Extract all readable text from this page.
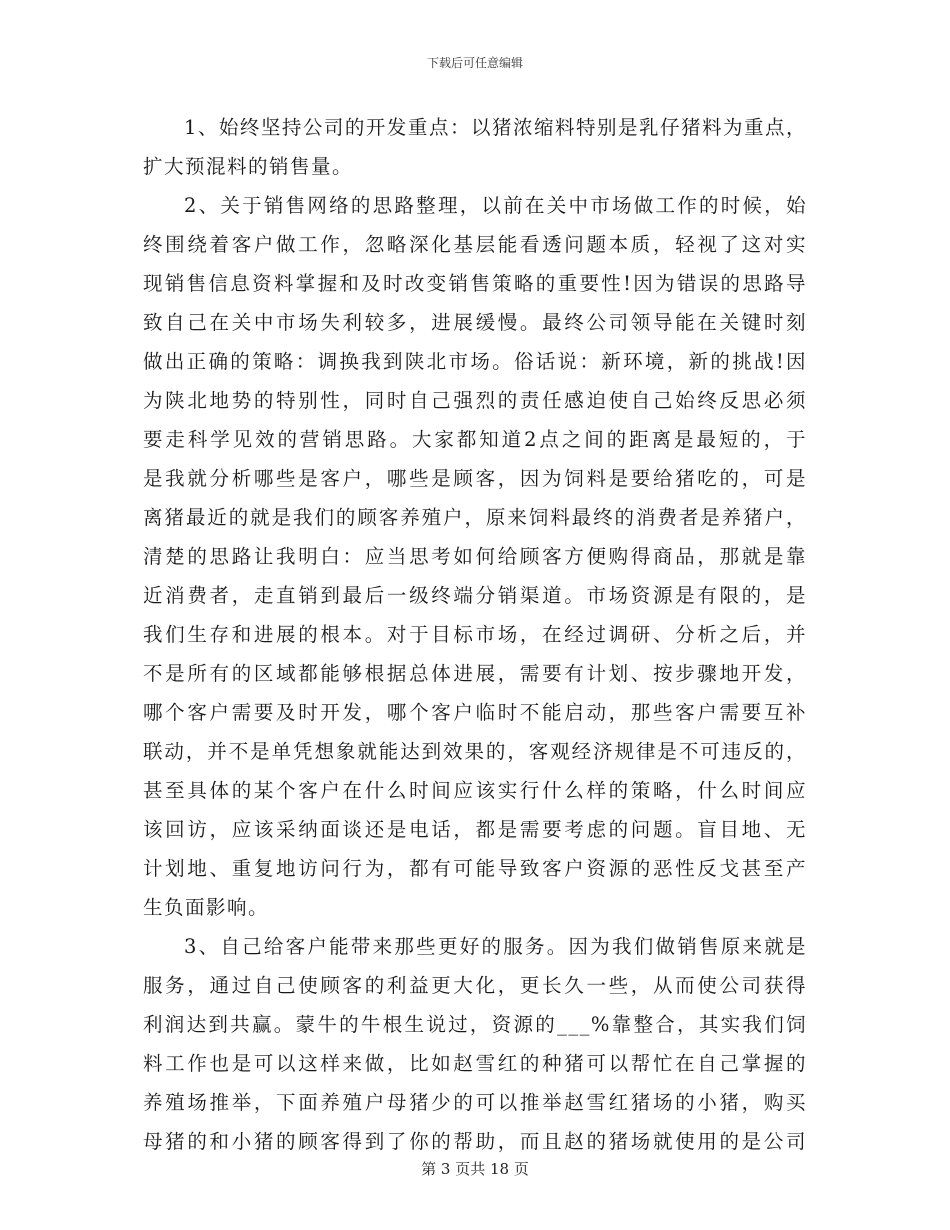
下载后可任意编辑
1、始终坚持公司的开发重点：以猪浓缩料特别是乳仔猪料为重点，
扩大预混料的销售量。
2、关于销售网络的思路整理，以前在关中市场做工作的时候，始
终围绕着客户做工作，忽略深化基层能看透问题本质，轻视了这对实
现销售信息资料掌握和及时改变销售策略的重要性!因为错误的思路导
致自己在关中市场失利较多，进展缓慢。最终公司领导能在关键时刻
做出正确的策略：调换我到陕北市场。俗话说：新环境，新的挑战!因
为陕北地势的特别性，同时自己强烈的责任感迫使自己始终反思必须
要走科学见效的营销思路。大家都知道2点之间的距离是最短的，于
是我就分析哪些是客户，哪些是顾客，因为饲料是要给猪吃的，可是
离猪最近的就是我们的顾客养殖户，原来饲料最终的消费者是养猪户，
清楚的思路让我明白：应当思考如何给顾客方便购得商品，那就是靠
近消费者，走直销到最后一级终端分销渠道。市场资源是有限的，是
我们生存和进展的根本。对于目标市场，在经过调研、分析之后，并
不是所有的区域都能够根据总体进展，需要有计划、按步骤地开发，
哪个客户需要及时开发，哪个客户临时不能启动，那些客户需要互补
联动，并不是单凭想象就能达到效果的，客观经济规律是不可违反的，
甚至具体的某个客户在什么时间应该实行什么样的策略，什么时间应
该回访，应该采纳面谈还是电话，都是需要考虑的问题。盲目地、无
计划地、重复地访问行为，都有可能导致客户资源的恶性反戈甚至产
生负面影响。
3、自己给客户能带来那些更好的服务。因为我们做销售原来就是
服务，通过自己使顾客的利益更大化，更长久一些，从而使公司获得
利润达到共赢。蒙牛的牛根生说过，资源的___%靠整合，其实我们饲
料工作也是可以这样来做，比如赵雪红的种猪可以帮忙在自己掌握的
养殖场推举，下面养殖户母猪少的可以推举赵雪红猪场的小猪，购买
母猪的和小猪的顾客得到了你的帮助，而且赵的猪场就使用的是公司
第 3 页共 18 页
